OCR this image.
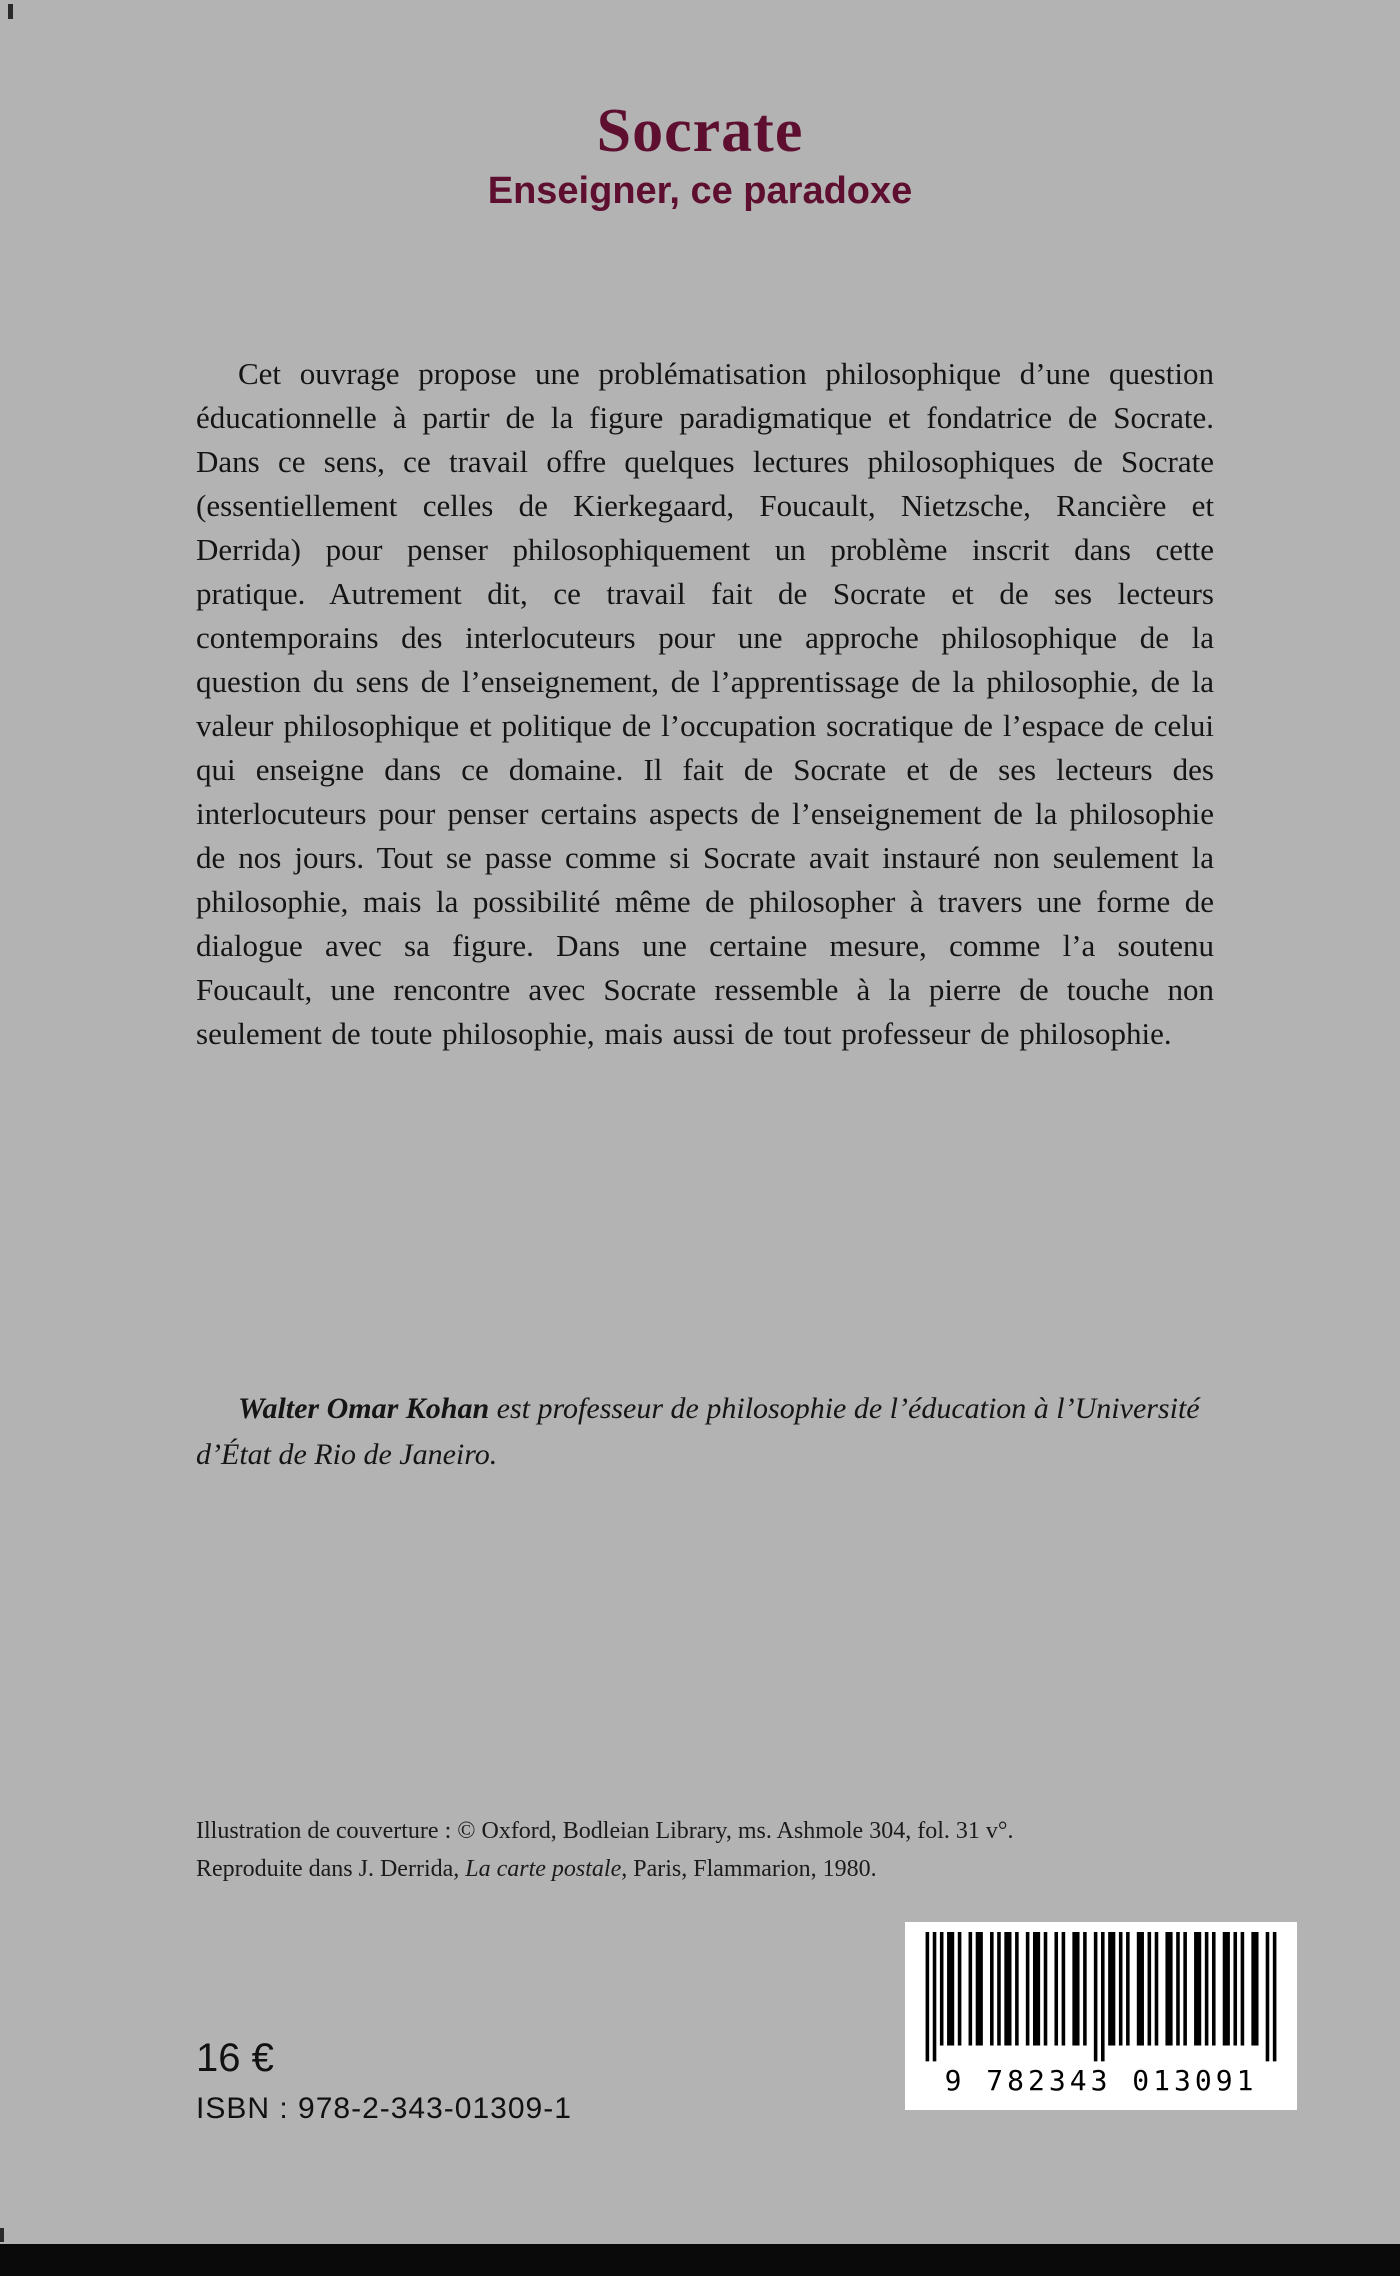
Socrate
Enseigner, ce paradoxe

Cet ouvrage propose une problématisation philosophique d’une question éducationnelle à partir de la figure paradigmatique et fondatrice de Socrate. Dans ce sens, ce travail offre quelques lectures philosophiques de Socrate (essentiellement celles de Kierkegaard, Foucault, Nietzsche, Rancière et Derrida) pour penser philosophiquement un problème inscrit dans cette pratique. Autrement dit, ce travail fait de Socrate et de ses lecteurs contemporains des interlocuteurs pour une approche philosophique de la question du sens de l’enseignement, de l’apprentissage de la philosophie, de la valeur philosophique et politique de l’occupation socratique de l’espace de celui qui enseigne dans ce domaine. Il fait de Socrate et de ses lecteurs des interlocuteurs pour penser certains aspects de l’enseignement de la philosophie de nos jours. Tout se passe comme si Socrate avait instauré non seulement la philosophie, mais la possibilité même de philosopher à travers une forme de dialogue avec sa figure. Dans une certaine mesure, comme l’a soutenu Foucault, une rencontre avec Socrate ressemble à la pierre de touche non seulement de toute philosophie, mais aussi de tout professeur de philosophie.

Walter Omar Kohan est professeur de philosophie de l’éducation à l’Université d’État de Rio de Janeiro.

Illustration de couverture : © Oxford, Bodleian Library, ms. Ashmole 304, fol. 31 v°.
Reproduite dans J. Derrida, La carte postale, Paris, Flammarion, 1980.
16 €
ISBN : 978-2-343-01309-1
9 782343 013091
